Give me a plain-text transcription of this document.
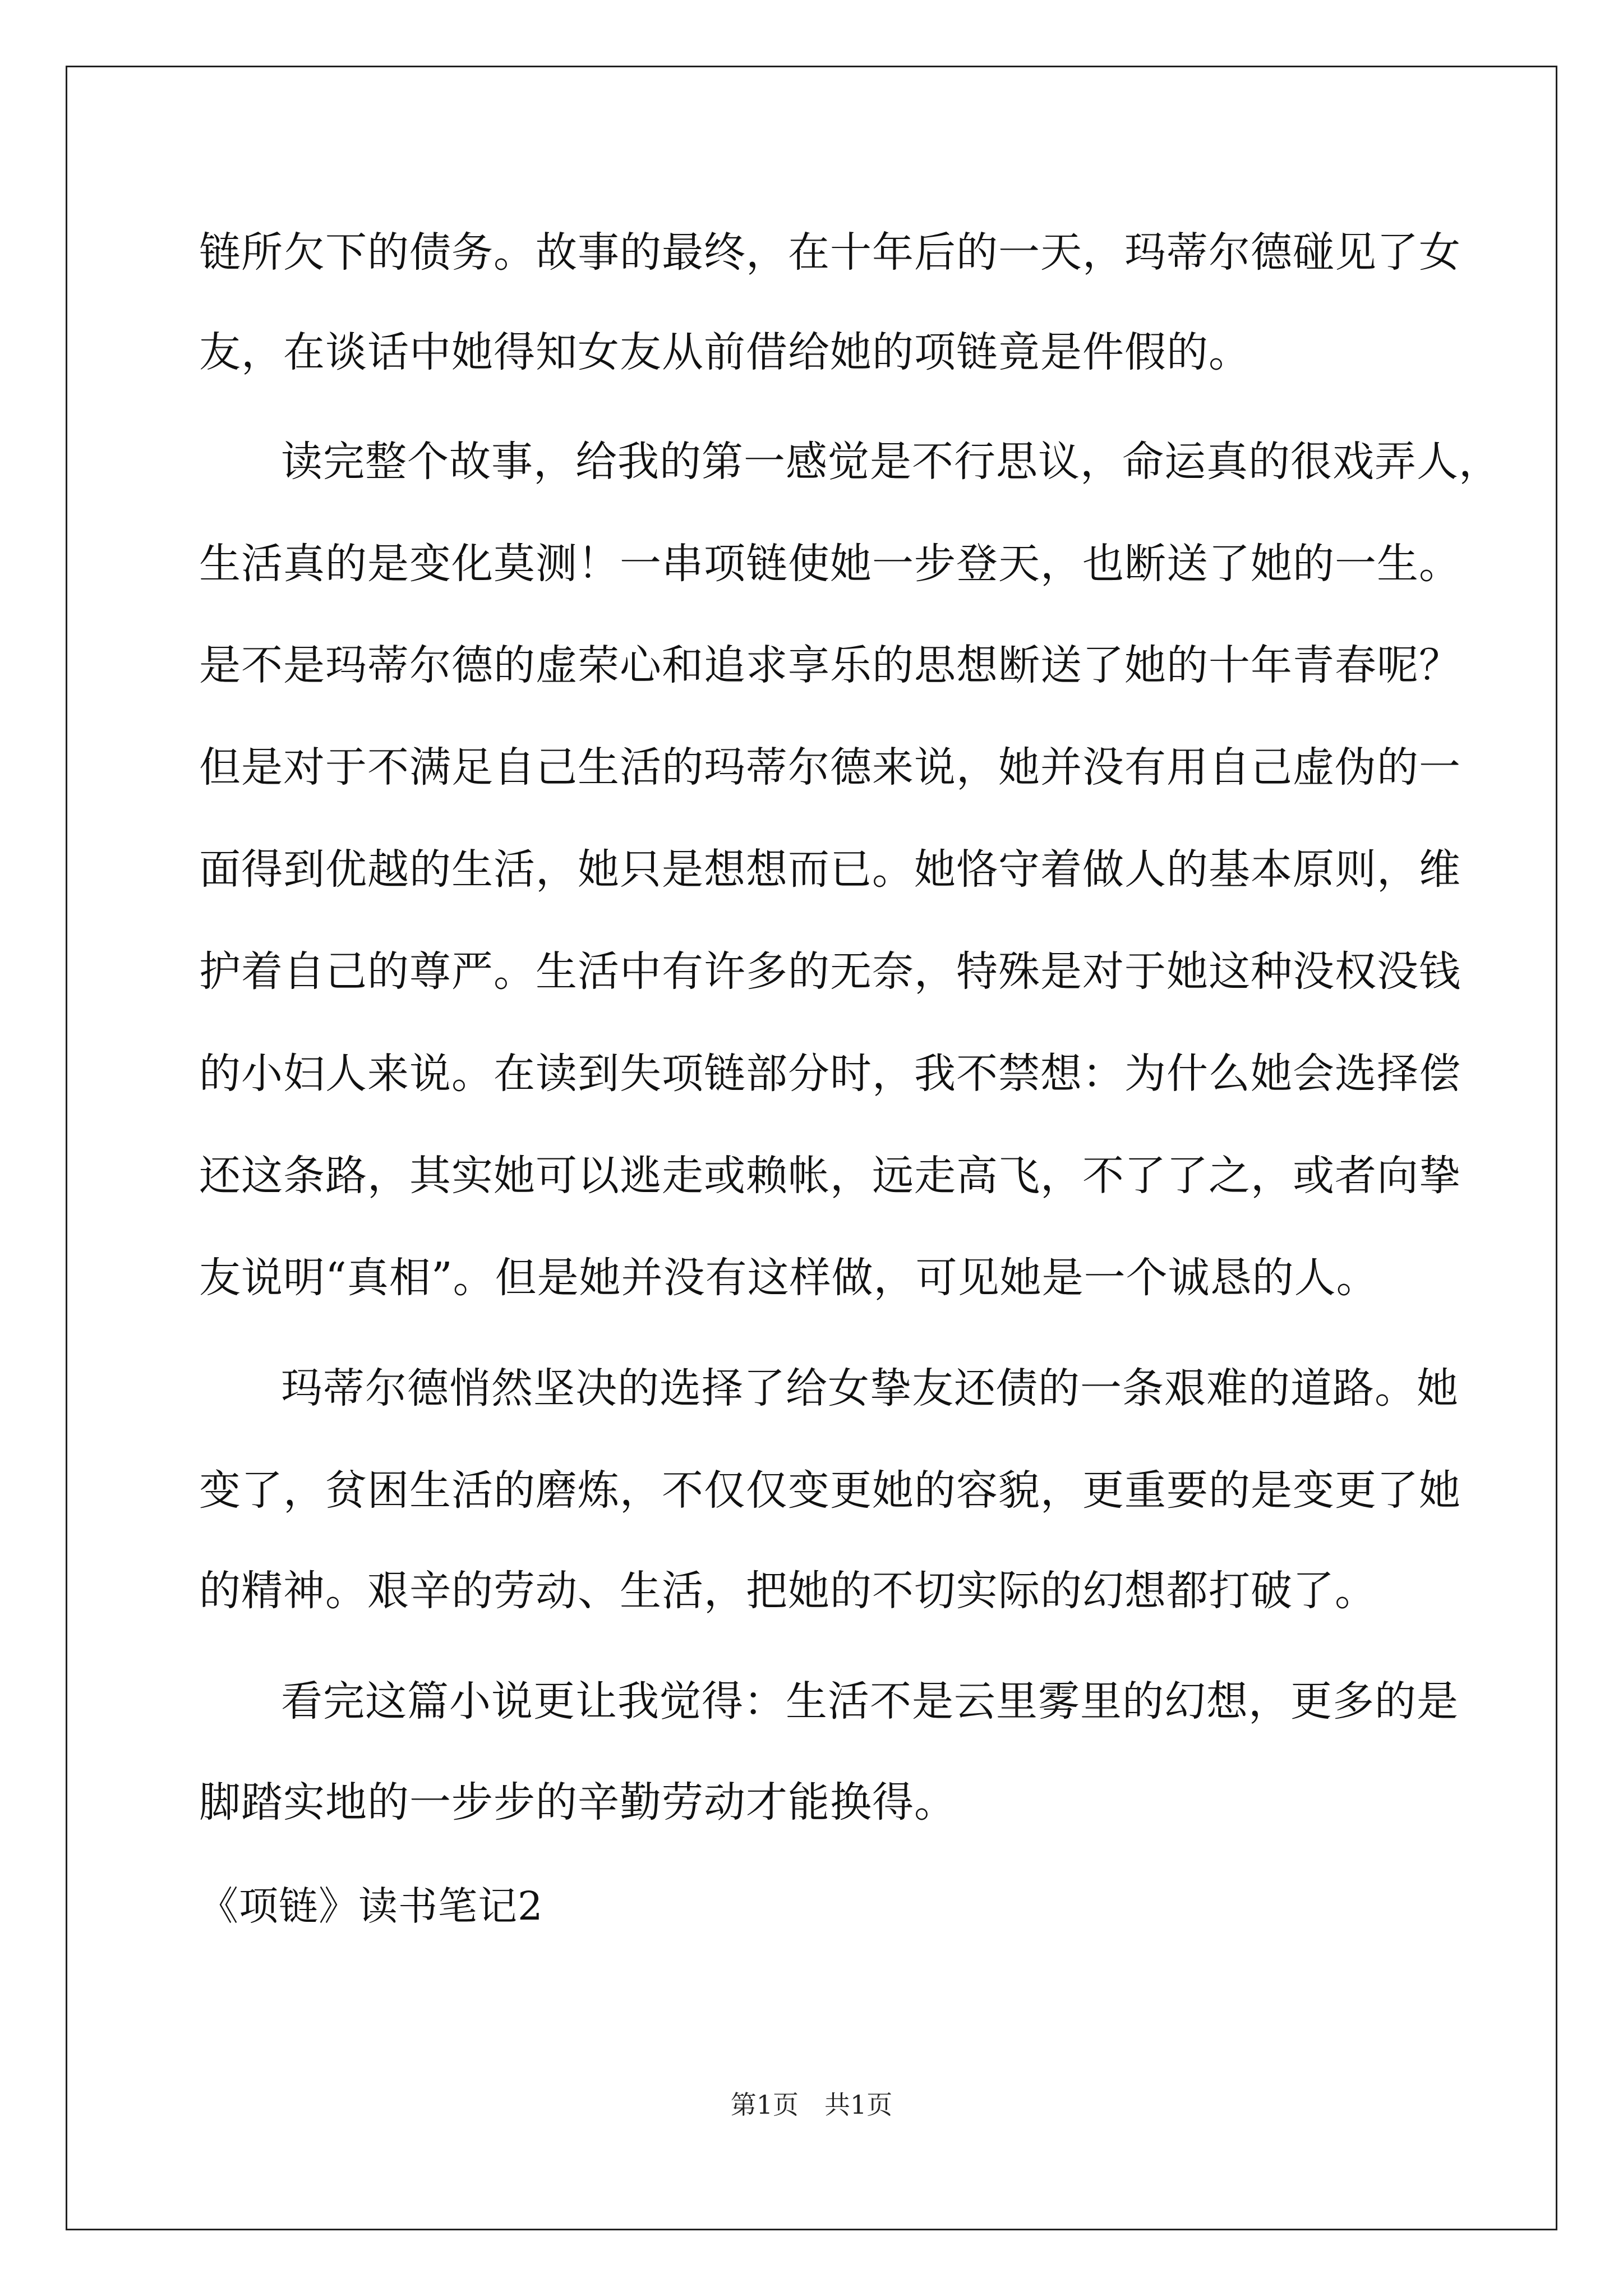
链所欠下的债务。故事的最终，在十年后的一天，玛蒂尔德碰见了女
友，在谈话中她得知女友从前借给她的项链竟是件假的。
读完整个故事，给我的第一感觉是不行思议，命运真的很戏弄人，
生活真的是变化莫测！一串项链使她一步登天，也断送了她的一生。
是不是玛蒂尔德的虚荣心和追求享乐的思想断送了她的十年青春呢？
但是对于不满足自己生活的玛蒂尔德来说，她并没有用自己虚伪的一
面得到优越的生活，她只是想想而已。她恪守着做人的基本原则，维
护着自己的尊严。生活中有许多的无奈，特殊是对于她这种没权没钱
的小妇人来说。在读到失项链部分时，我不禁想：为什么她会选择偿
还这条路，其实她可以逃走或赖帐，远走高飞，不了了之，或者向挚
友说明“真相”。但是她并没有这样做，可见她是一个诚恳的人。
玛蒂尔德悄然坚决的选择了给女挚友还债的一条艰难的道路。她
变了，贫困生活的磨炼，不仅仅变更她的容貌，更重要的是变更了她
的精神。艰辛的劳动、生活，把她的不切实际的幻想都打破了。
看完这篇小说更让我觉得：生活不是云里雾里的幻想，更多的是
脚踏实地的一步步的辛勤劳动才能换得。
《项链》读书笔记2
第1页　共1页
